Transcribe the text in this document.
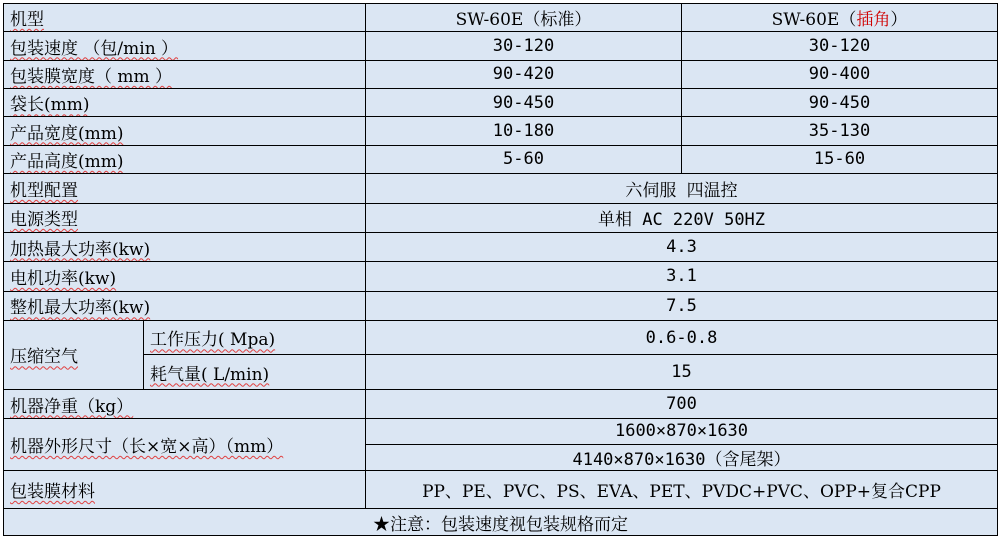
机型		SW-60E（标准）	SW-60E（插角）
包装速度 （包/min ）		30-120	30-120
包装膜宽度（ mm ）		90-420	90-400
袋长(mm)		90-450	90-450
产品宽度(mm)		10-180	35-130
产品高度(mm)		5-60	15-60
机型配置		六伺服 四温控	
电源类型		单相 AC 220V 50HZ	
加热最大功率(kw)		4.3	
电机功率(kw)		3.1	
整机最大功率(kw)		7.5	
压缩空气	工作压力( Mpa)	0.6-0.8	
	耗气量( L/min)	15	
机器净重（kg）		700	
机器外形尺寸（长×宽×高）（mm）		1600×870×1630	
		4140×870×1630（含尾架）	
包装膜材料		PP、PE、PVC、PS、EVA、PET、PVDC+PVC、OPP+复合CPP	
★注意：包装速度视包装规格而定			
